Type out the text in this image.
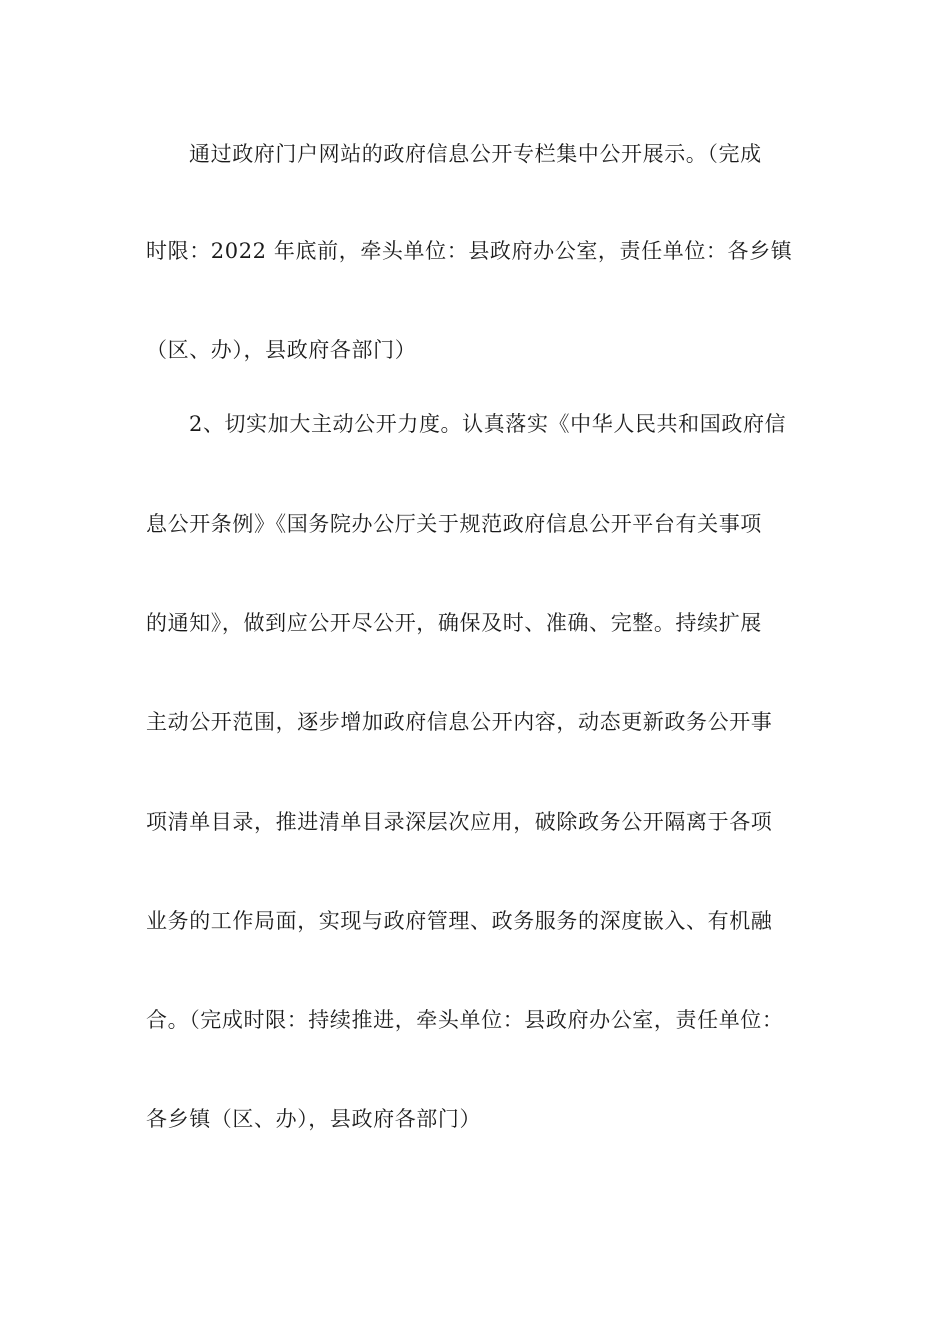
通过政府门户网站的政府信息公开专栏集中公开展示。（完成
时限：2022 年底前，牵头单位：县政府办公室，责任单位：各乡镇
（区、办），县政府各部门）
2、切实加大主动公开力度。认真落实《中华人民共和国政府信
息公开条例》《国务院办公厅关于规范政府信息公开平台有关事项
的通知》，做到应公开尽公开，确保及时、准确、完整。持续扩展
主动公开范围，逐步增加政府信息公开内容，动态更新政务公开事
项清单目录，推进清单目录深层次应用，破除政务公开隔离于各项
业务的工作局面，实现与政府管理、政务服务的深度嵌入、有机融
合。（完成时限：持续推进，牵头单位：县政府办公室，责任单位：
各乡镇（区、办），县政府各部门）
